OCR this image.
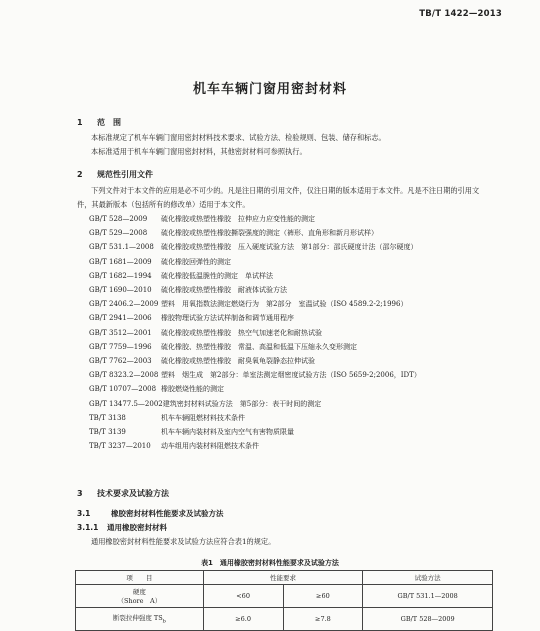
TB/T 1422—2013
机车车辆门窗用密封材料
1 范　围
本标准规定了机车车辆门窗用密封材料技术要求、试验方法、检验规则、包装、储存和标志。
本标准适用于机车车辆门窗用密封材料，其他密封材料可参照执行。
2 规范性引用文件
下列文件对于本文件的应用是必不可少的。凡是注日期的引用文件，仅注日期的版本适用于本文件。凡是不注日期的引用文件，其最新版本（包括所有的修改单）适用于本文件。
GB/T 528—2009 硫化橡胶或热塑性橡胶　拉伸应力应变性能的测定
GB/T 529—2008 硫化橡胶或热塑性橡胶撕裂强度的测定（裤形、直角形和新月形试样）
GB/T 531.1—2008 硫化橡胶或热塑性橡胶　压入硬度试验方法　第1部分：邵氏硬度计法（邵尔硬度）
GB/T 1681—2009 硫化橡胶回弹性的测定
GB/T 1682—1994 硫化橡胶低温脆性的测定　单试样法
GB/T 1690—2010 硫化橡胶或热塑性橡胶　耐液体试验方法
GB/T 2406.2—2009 塑料　用氧指数法测定燃烧行为　第2部分　室温试验（ISO 4589.2-2;1996）
GB/T 2941—2006 橡胶物理试验方法试样制备和调节通用程序
GB/T 3512—2001 硫化橡胶或热塑性橡胶　热空气加速老化和耐热试验
GB/T 7759—1996 硫化橡胶、热塑性橡胶　常温、高温和低温下压缩永久变形测定
GB/T 7762—2003 硫化橡胶或热塑性橡胶　耐臭氧龟裂静态拉伸试验
GB/T 8323.2—2008 塑料　烟生成　第2部分：单室法测定烟密度试验方法（ISO 5659-2;2006，IDT）
GB/T 10707—2008 橡胶燃烧性能的测定
GB/T 13477.5—2002建筑密封材料试验方法　第5部分：表干时间的测定
TB/T 3138	机车车辆阻燃材料技术条件
TB/T 3139	机车车辆内装材料及室内空气有害物质限量
TB/T 3237—2010 动车组用内装材料阻燃技术条件
3 技术要求及试验方法
3.1	橡胶密封材料性能要求及试验方法
3.1.1 通用橡胶密封材料
通用橡胶密封材料性能要求及试验方法应符合表1的规定。
表1　通用橡胶密封材料性能要求及试验方法
项　　目	性能要求		试验方法

硬度
（Shore　A）	<60	≥60	GB/T 531.1—2008
断裂拉伸强度 $TS_b$	≥6.0	≥7.8	GB/T 528—2009
